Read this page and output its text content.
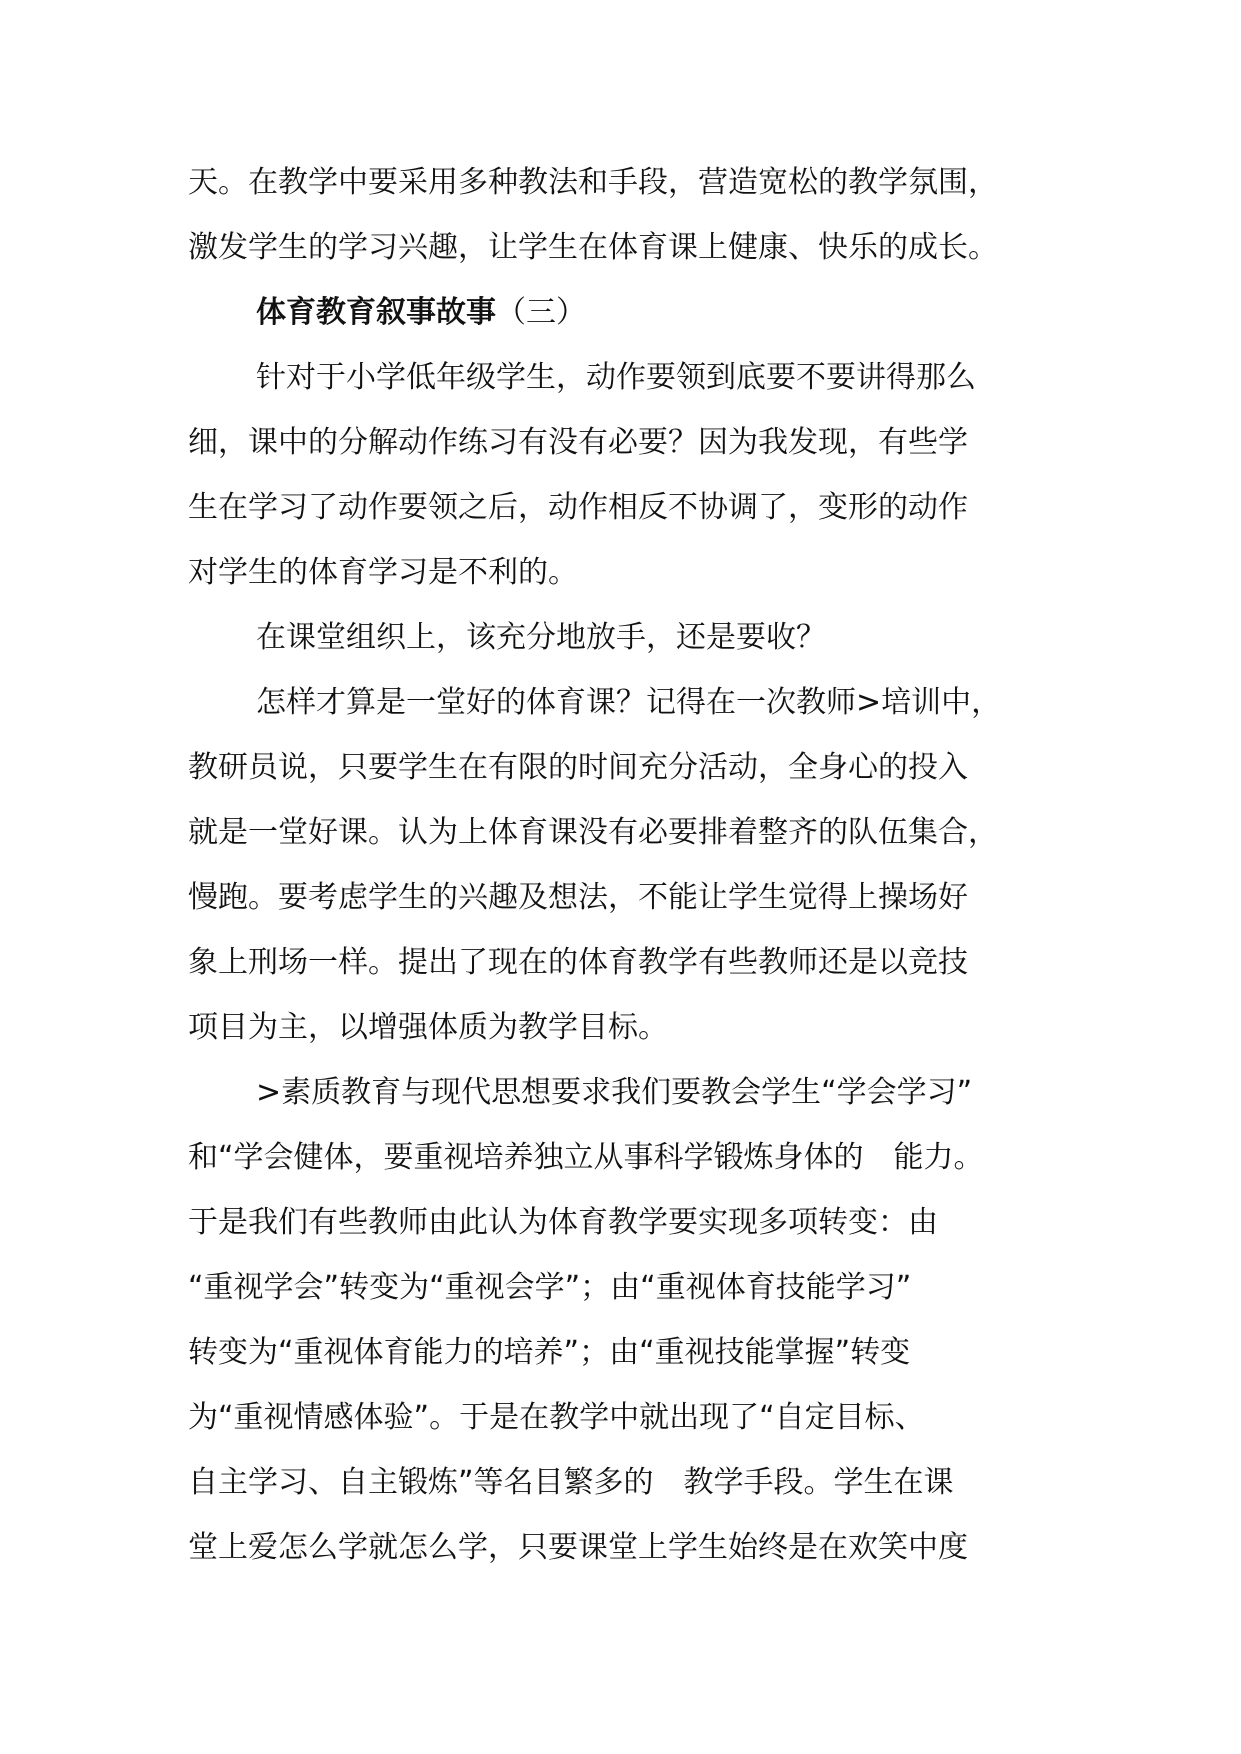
天。在教学中要采用多种教法和手段，营造宽松的教学氛围，
激发学生的学习兴趣，让学生在体育课上健康、快乐的成长。
体育教育叙事故事（三）
针对于小学低年级学生，动作要领到底要不要讲得那么
细，课中的分解动作练习有没有必要？因为我发现，有些学
生在学习了动作要领之后，动作相反不协调了，变形的动作
对学生的体育学习是不利的。
在课堂组织上，该充分地放手，还是要收？
怎样才算是一堂好的体育课？记得在一次教师>培训中，
教研员说，只要学生在有限的时间充分活动，全身心的投入
就是一堂好课。认为上体育课没有必要排着整齐的队伍集合，
慢跑。要考虑学生的兴趣及想法，不能让学生觉得上操场好
象上刑场一样。提出了现在的体育教学有些教师还是以竞技
项目为主，以增强体质为教学目标。
>素质教育与现代思想要求我们要教会学生“学会学习”
和“学会健体，要重视培养独立从事科学锻炼身体的　能力。
于是我们有些教师由此认为体育教学要实现多项转变：由
“重视学会”转变为“重视会学”；由“重视体育技能学习”
转变为“重视体育能力的培养”；由“重视技能掌握”转变
为“重视情感体验”。于是在教学中就出现了“自定目标、
自主学习、自主锻炼”等名目繁多的　教学手段。学生在课
堂上爱怎么学就怎么学，只要课堂上学生始终是在欢笑中度
